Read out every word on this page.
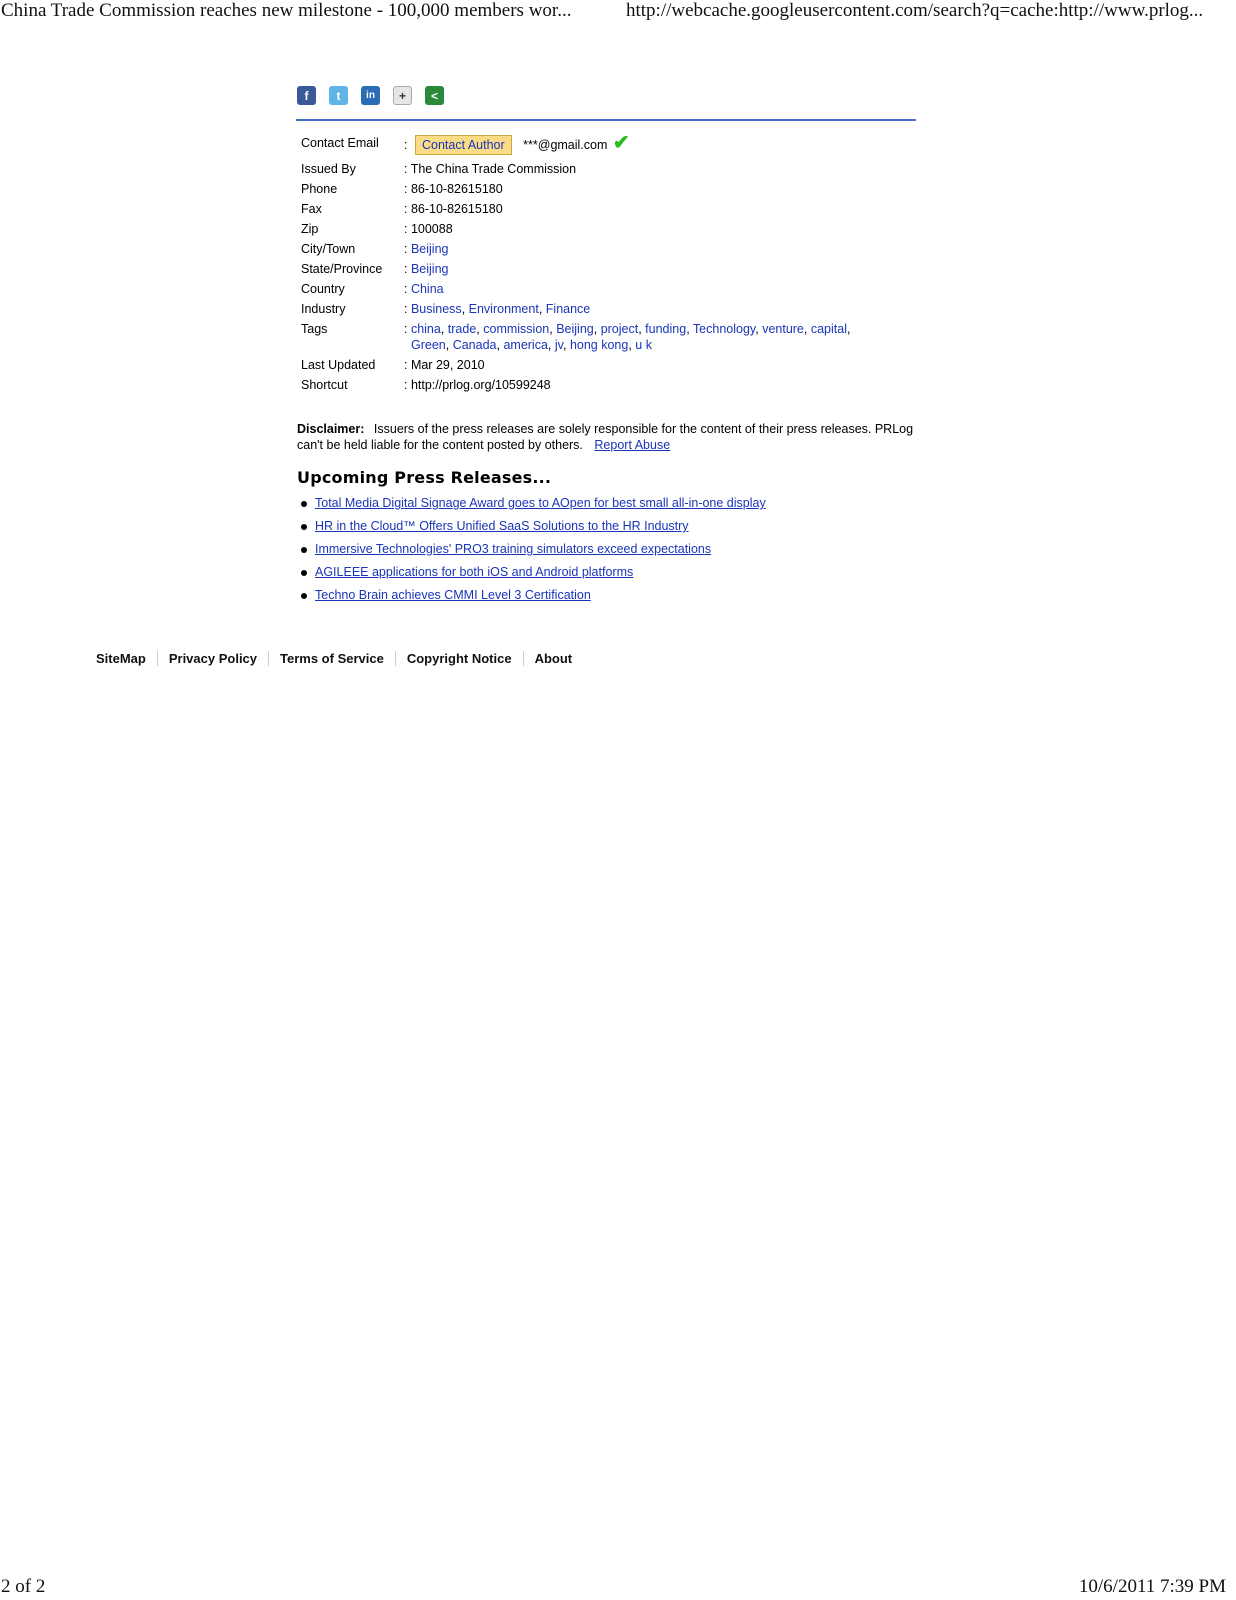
China Trade Commission reaches new milestone - 100,000 members wor...	http://webcache.googleusercontent.com/search?q=cache:http://www.prlog...
f	t	in	+	<
Contact Email	: Contact Author ***@gmail.com ✔
Issued By	: The China Trade Commission
Phone	: 86-10-82615180
Fax	: 86-10-82615180
Zip	: 100088
City/Town	: Beijing
State/Province	: Beijing
Country	: China
Industry	: Business, Environment, Finance
Tags	: china, trade, commission, Beijing, project, funding, Technology, venture, capital, Green, Canada, america, jv, hong kong, u k

Last Updated	: Mar 29, 2010
Shortcut	: http://prlog.org/10599248
Disclaimer: Issuers of the press releases are solely responsible for the content of their press releases. PRLog can't be held liable for the content posted by others. Report Abuse
Upcoming Press Releases...
Total Media Digital Signage Award goes to AOpen for best small all-in-one display
HR in the Cloud™ Offers Unified SaaS Solutions to the HR Industry
Immersive Technologies' PRO3 training simulators exceed expectations
AGILEEE applications for both iOS and Android platforms
Techno Brain achieves CMMI Level 3 Certification
SiteMap	Privacy Policy	Terms of Service	Copyright Notice	About
2 of 2	10/6/2011 7:39 PM
